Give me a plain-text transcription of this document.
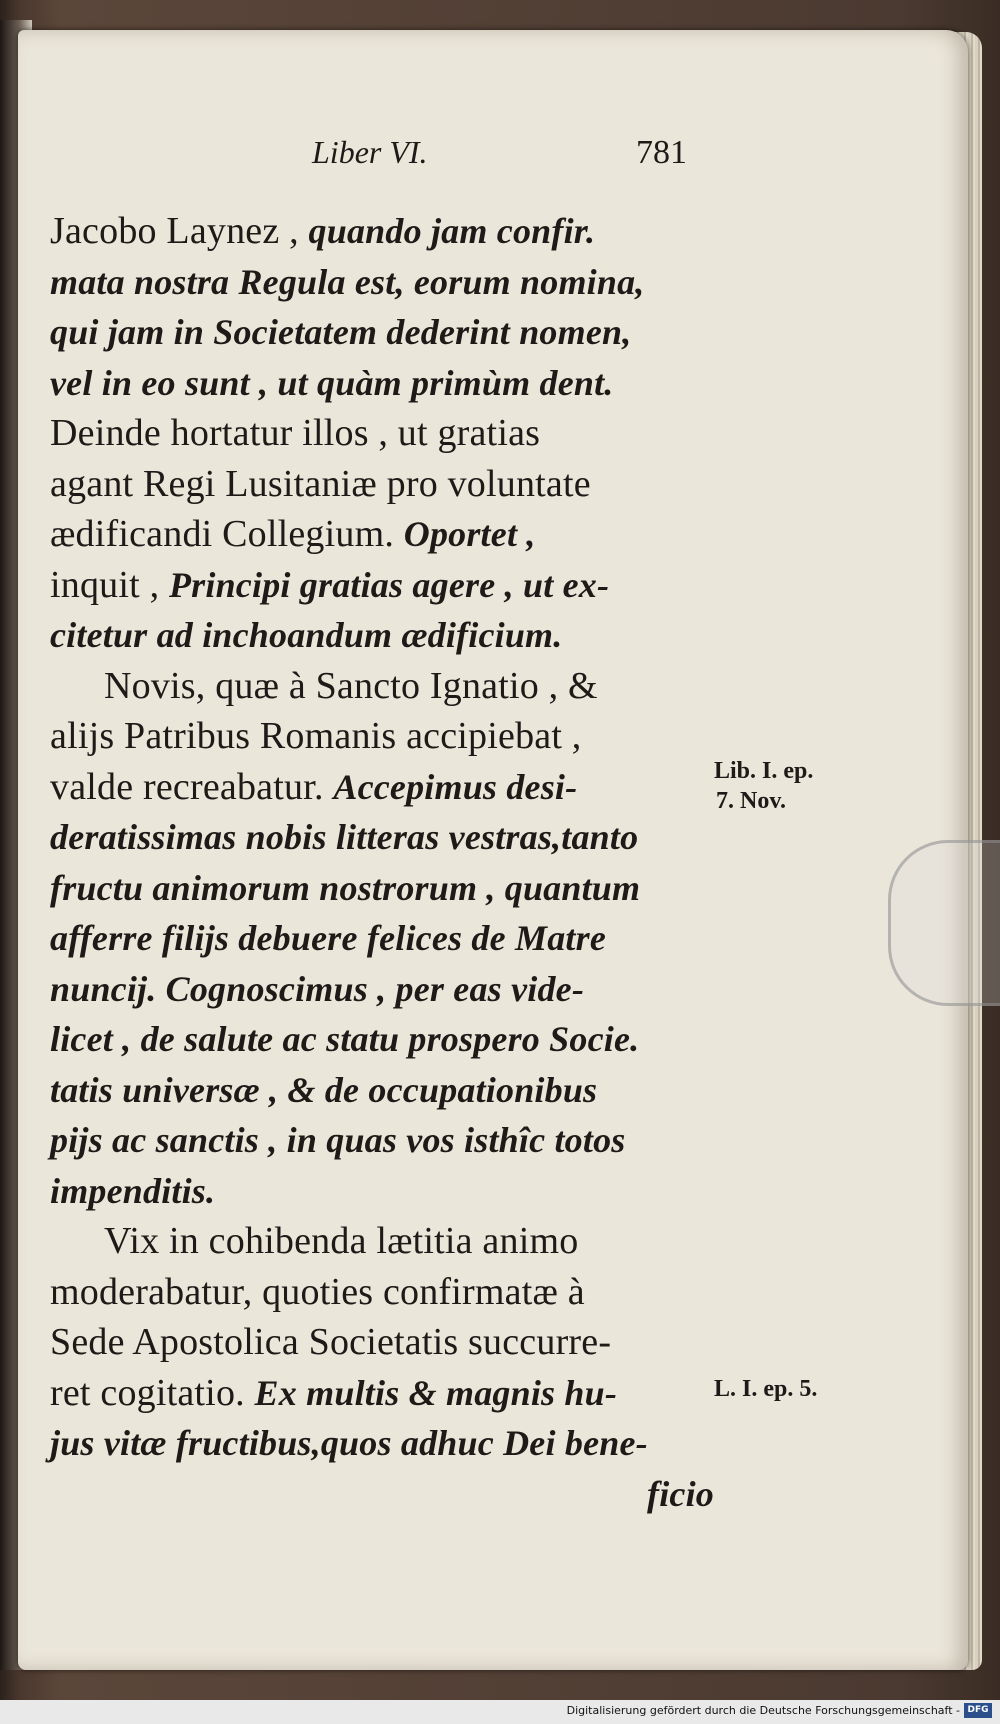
Liber VI.	781
Jacobo Laynez , quando jam confir.
mata nostra Regula est, eorum nomina,
qui jam in Societatem dederint nomen,
vel in eo sunt , ut quàm primùm dent.
Deinde hortatur illos , ut gratias
agant Regi Lusitaniæ pro voluntate
ædificandi Collegium. Oportet ,
inquit , Principi gratias agere , ut ex-
citetur ad inchoandum ædificium.
Novis, quæ à Sancto Ignatio , &
alijs Patribus Romanis accipiebat ,
valde recreabatur. Accepimus desi-
deratissimas nobis litteras vestras,tanto
fructu animorum nostrorum , quantum
afferre filijs debuere felices de Matre
nuncij. Cognoscimus , per eas vide-
licet , de salute ac statu prospero Socie.
tatis universæ , & de occupationibus
pijs ac sanctis , in quas vos isthîc totos
impenditis.
Vix in cohibenda lætitia animo
moderabatur, quoties confirmatæ à
Sede Apostolica Societatis succurre-
ret cogitatio. Ex multis & magnis hu-
jus vitæ fructibus,quos adhuc Dei bene-
ficio
Lib. I. ep.
7. Nov.
L. I. ep. 5.
Digitalisierung gefördert durch die Deutsche Forschungsgemeinschaft - DFG
